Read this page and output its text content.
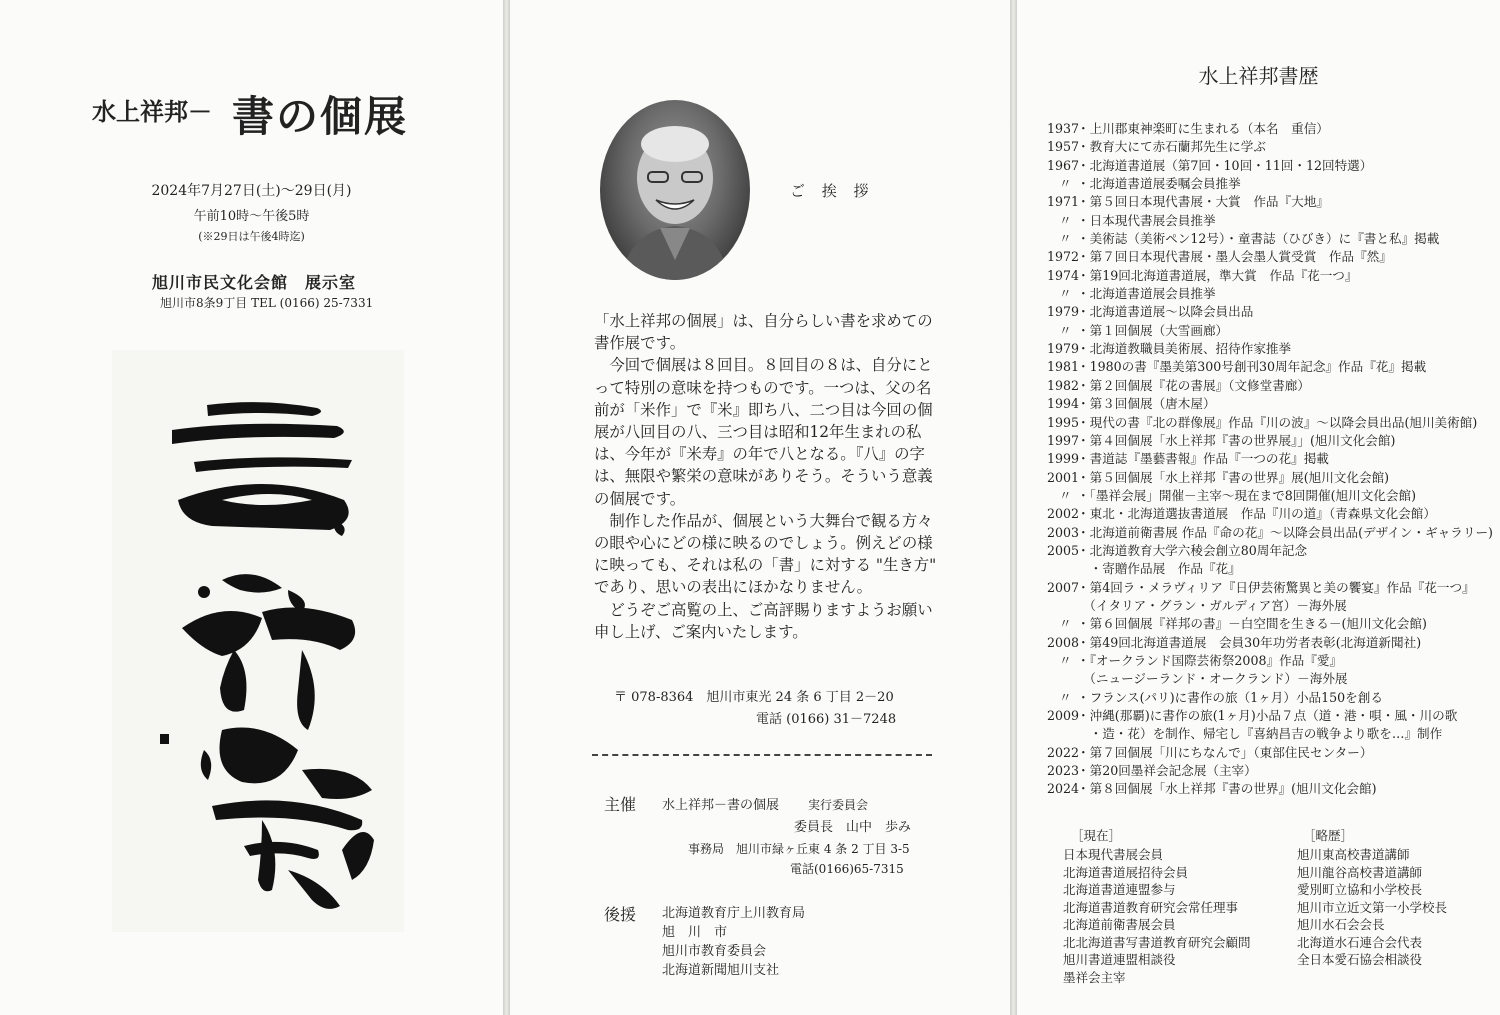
水上祥邦－ 書の個展
2024年7月27日(土)～29日(月)
午前10時～午後5時
(※29日は午後4時迄)
旭川市民文化会館　展示室
旭川市8条9丁目 TEL (0166) 25-7331
ご 挨 拶

「水上祥邦の個展」は、自分らしい書を求めての書作展です。

今回で個展は８回目。８回目の８は、自分にとって特別の意味を持つものです。一つは、父の名前が「米作」で『米』即ち八、二つ目は今回の個展が八回目の八、三つ目は昭和12年生まれの私は、今年が『米寿』の年で八となる。『八』の字は、無限や繁栄の意味がありそう。そういう意義の個展です。

制作した作品が、個展という大舞台で観る方々の眼や心にどの様に映るのでしょう。例えどの様に映っても、それは私の「書」に対する "生き方" であり、思いの表出にほかなりません。

どうぞご高覧の上、ご高評賜りますようお願い申し上げ、ご案内いたします。

〒 078-8364　旭川市東光 24 条 6 丁目 2－20
電話 (0166) 31－7248
主催 水上祥邦－書の個展 実行委員会
委員長　山中　歩み
事務局　旭川市緑ヶ丘東 4 条 2 丁目 3-5
電話(0166)65-7315
後援 北海道教育庁上川教育局
旭　川　市
旭川市教育委員会
北海道新聞旭川支社
水上祥邦書歴
1937
・上川郡東神楽町に生まれる（本名　重信）
1957
・教育大にて赤石蘭邦先生に学ぶ
1967
・北海道書道展（第7回・10回・11回・12回特選）
〃 ・北海道書道展委嘱会員推挙
1971
・第５回日本現代書展・大賞　作品『大地』
〃 ・日本現代書展会員推挙
〃 ・美術誌（美術ペン12号）・童書誌（ひびき）に『書と私』掲載
1972
・第７回日本現代書展・墨人会墨人賞受賞　作品『然』
1974
・第19回北海道書道展，準大賞　作品『花一つ』
〃 ・北海道書道展会員推挙
1979
・北海道書道展～以降会員出品
〃 ・第１回個展（大雪画廊）
1979
・北海道教職員美術展、招待作家推挙
1981
・1980の書『墨美第300号創刊30周年記念』作品『花』掲載
1982
・第２回個展『花の書展』（文修堂書廊）
1994
・第３回個展（唐木屋）
1995
・現代の書『北の群像展』作品『川の波』～以降会員出品(旭川美術館)
1997
・第４回個展「水上祥邦『書の世界展』」(旭川文化会館)
1999
・書道誌『墨藝書報』作品『一つの花』掲載
2001
・第５回個展「水上祥邦『書の世界』展(旭川文化会館)
〃 ・「墨祥会展」開催－主宰～現在まで8回開催(旭川文化会館)
2002
・東北・北海道選抜書道展　作品『川の道』（青森県文化会館）
2003
・北海道前衛書展 作品『命の花』～以降会員出品(デザイン・ギャラリー)
2005
・北海道教育大学六稜会創立80周年記念
　・寄贈作品展　作品『花』
2007
・第4回ラ・メラヴィリア『日伊芸術驚異と美の饗宴』作品『花一つ』
　（イタリア・グラン・ガルディア宮）－海外展
〃 ・第６回個展『祥邦の書』－白空間を生きる－(旭川文化会館)
2008
・第49回北海道書道展　会員30年功労者表彰(北海道新聞社)
〃 ・『オークランド国際芸術祭2008』作品『愛』
　（ニュージーランド・オークランド）－海外展
〃 ・フランス(パリ)に書作の旅（1ヶ月）小品150を創る
2009
・沖縄(那覇)に書作の旅(1ヶ月)小品７点（道・港・唄・風・川の歌
　・造・花）を制作、帰宅し『喜納昌吉の戦争より歌を…』制作
2022
・第７回個展「川にちなんで」（東部住民センター）
2023
・第20回墨祥会記念展（主宰）
2024
・第８回個展「水上祥邦『書の世界』(旭川文化会館)
［現在］
日本現代書展会員
北海道書道展招待会員
北海道書道連盟参与
北海道書道教育研究会常任理事
北海道前衛書展会員
北北海道書写書道教育研究会顧問
旭川書道連盟相談役
墨祥会主宰
［略歴］
旭川東高校書道講師
旭川龍谷高校書道講師
愛別町立協和小学校長
旭川市立近文第一小学校長
旭川水石会会長
北海道水石連合会代表
全日本愛石協会相談役
